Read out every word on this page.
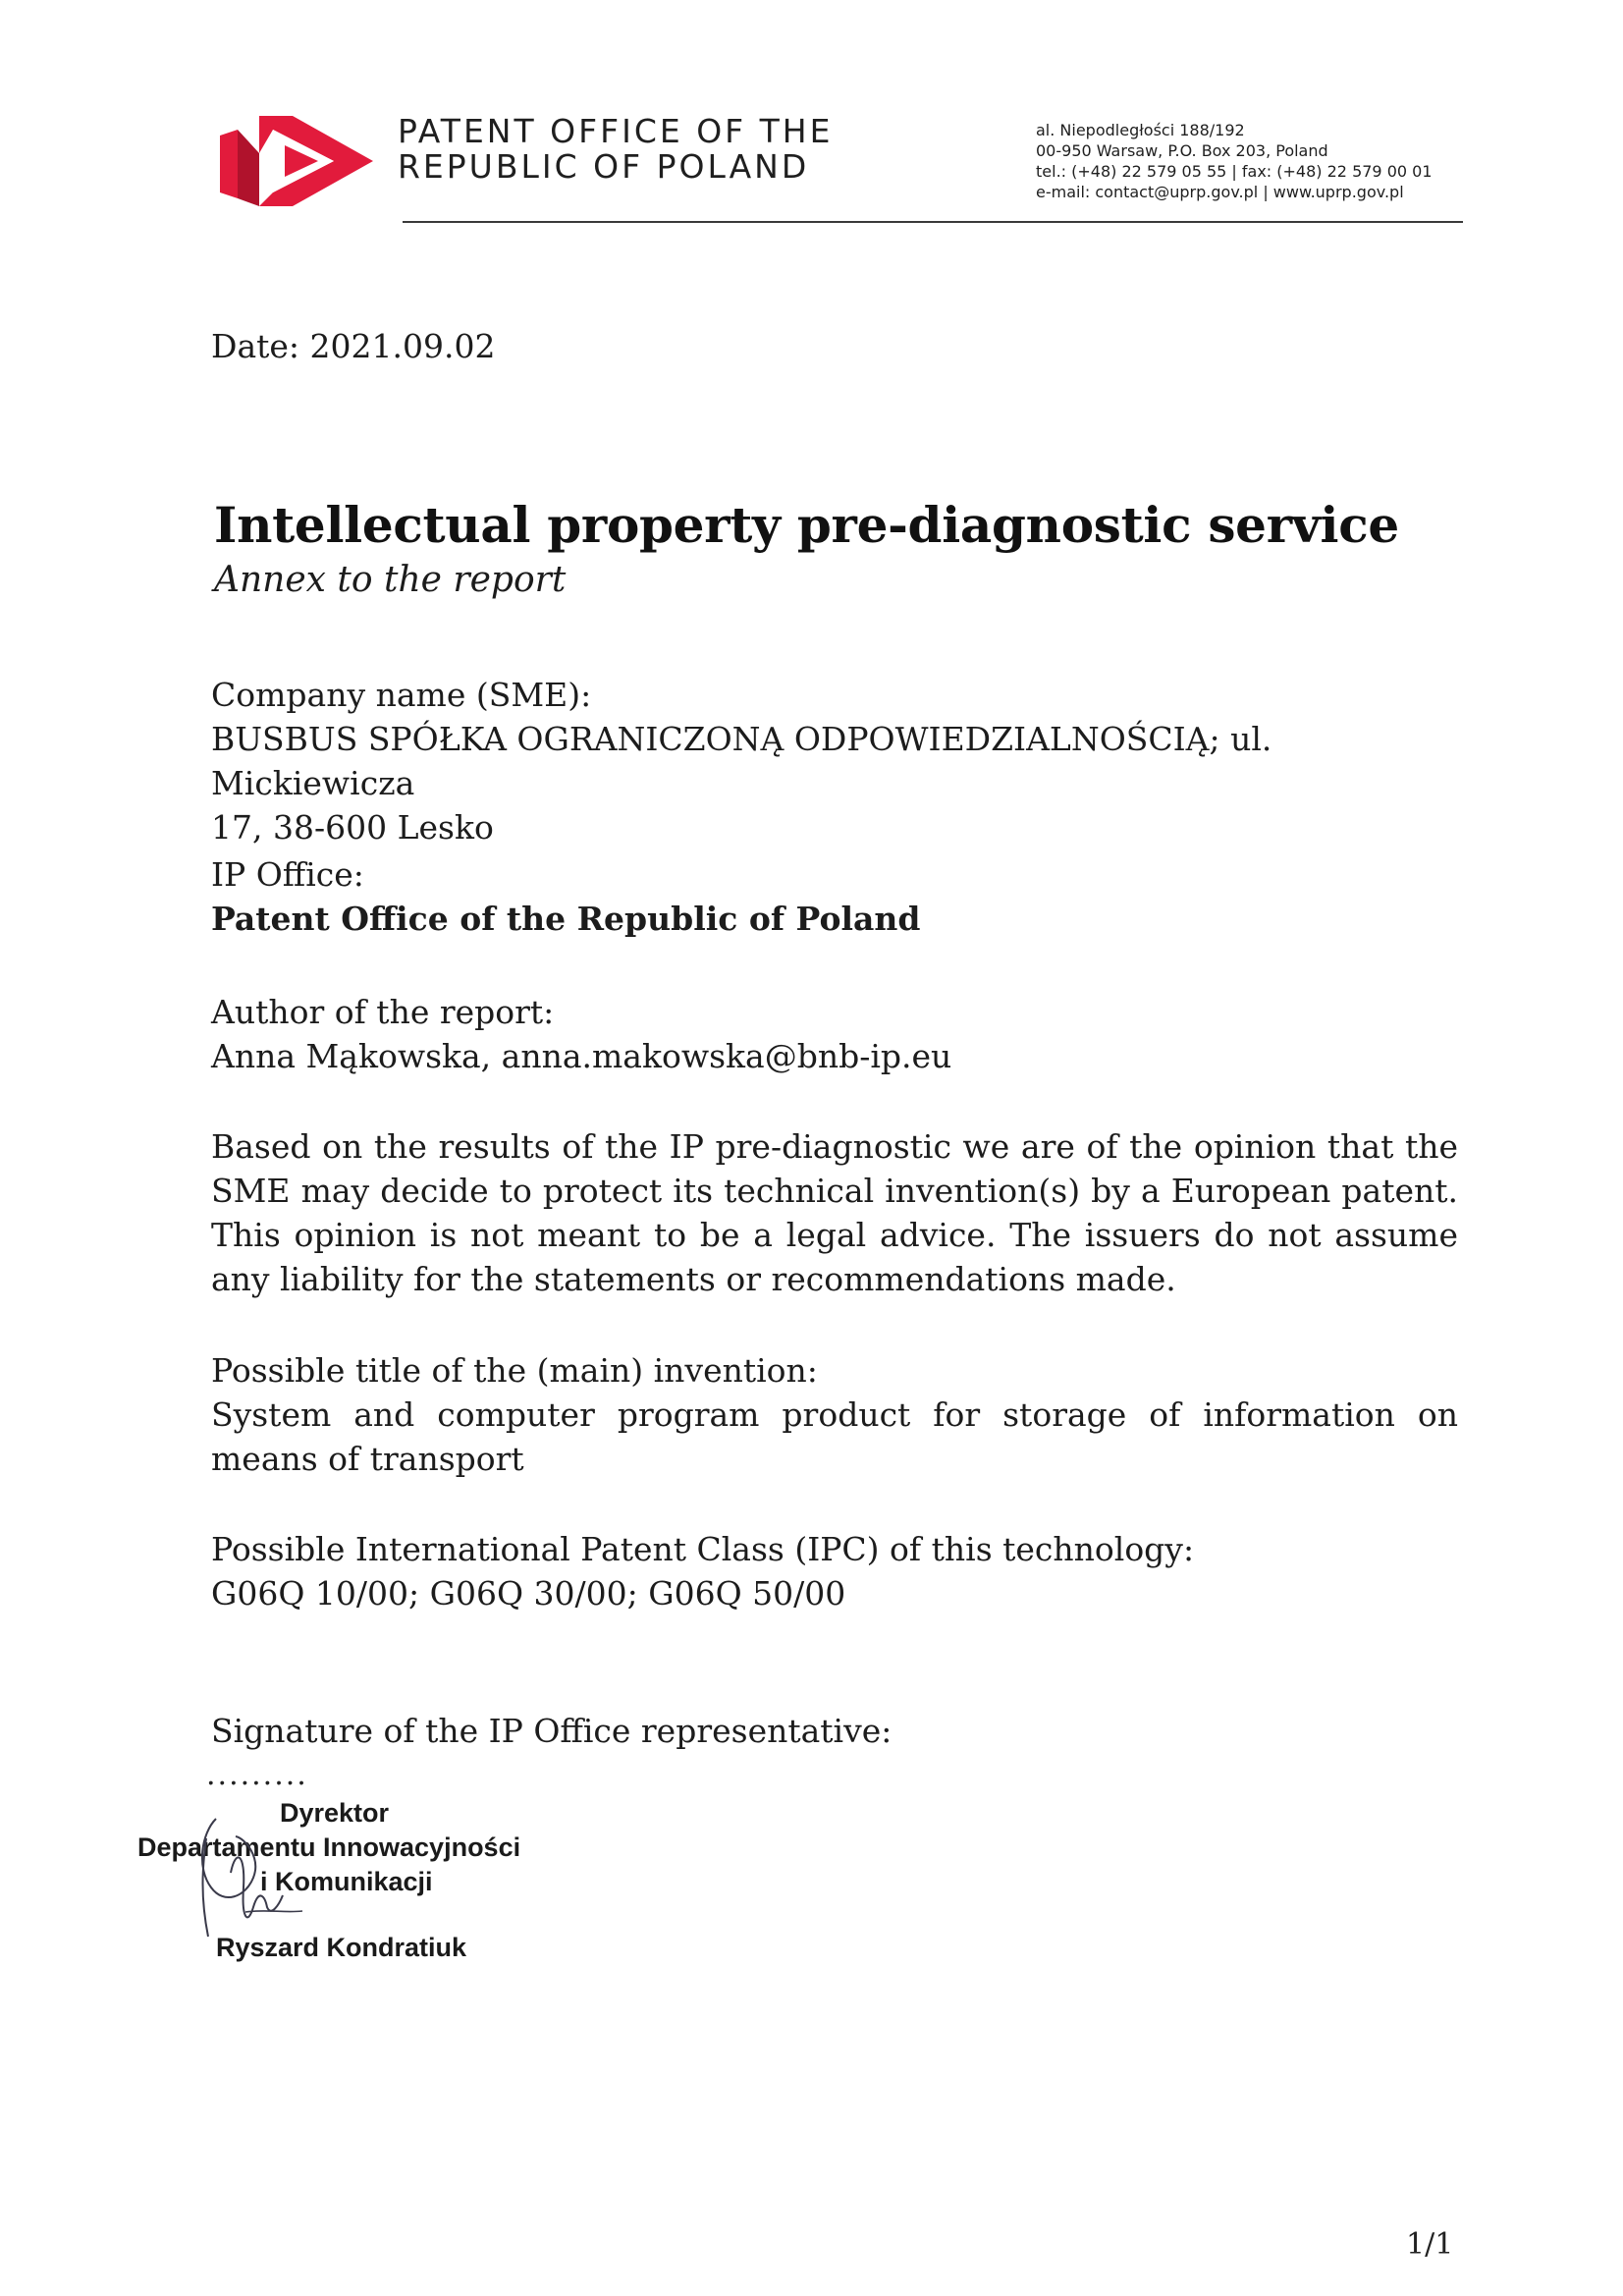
PATENT OFFICE OF THE
REPUBLIC OF POLAND
al. Niepodległości 188/192
00-950 Warsaw, P.O. Box 203, Poland
tel.: (+48) 22 579 05 55 | fax: (+48) 22 579 00 01
e-mail: contact@uprp.gov.pl | www.uprp.gov.pl
Date: 2021.09.02
Intellectual property pre-diagnostic service
Annex to the report
Company name (SME):
BUSBUS SPÓŁKA OGRANICZONĄ ODPOWIEDZIALNOŚCIĄ; ul. Mickiewicza
17, 38-600 Lesko
IP Office:
Patent Office of the Republic of Poland
Author of the report:
Anna Mąkowska, anna.makowska@bnb-ip.eu
Based on the results of the IP pre-diagnostic we are of the opinion that the SME may decide to protect its technical invention(s) by a European patent. This opinion is not meant to be a legal advice. The issuers do not assume any liability for the statements or recommendations made.
Possible title of the (main) invention:
System and computer program product for storage of information on means of transport
Possible International Patent Class (IPC) of this technology:
G06Q 10/00; G06Q 30/00; G06Q 50/00
Signature of the IP Office representative:
.........
Dyrektor
Departamentu Innowacyjności
i Komunikacji
Ryszard Kondratiuk
1/1
